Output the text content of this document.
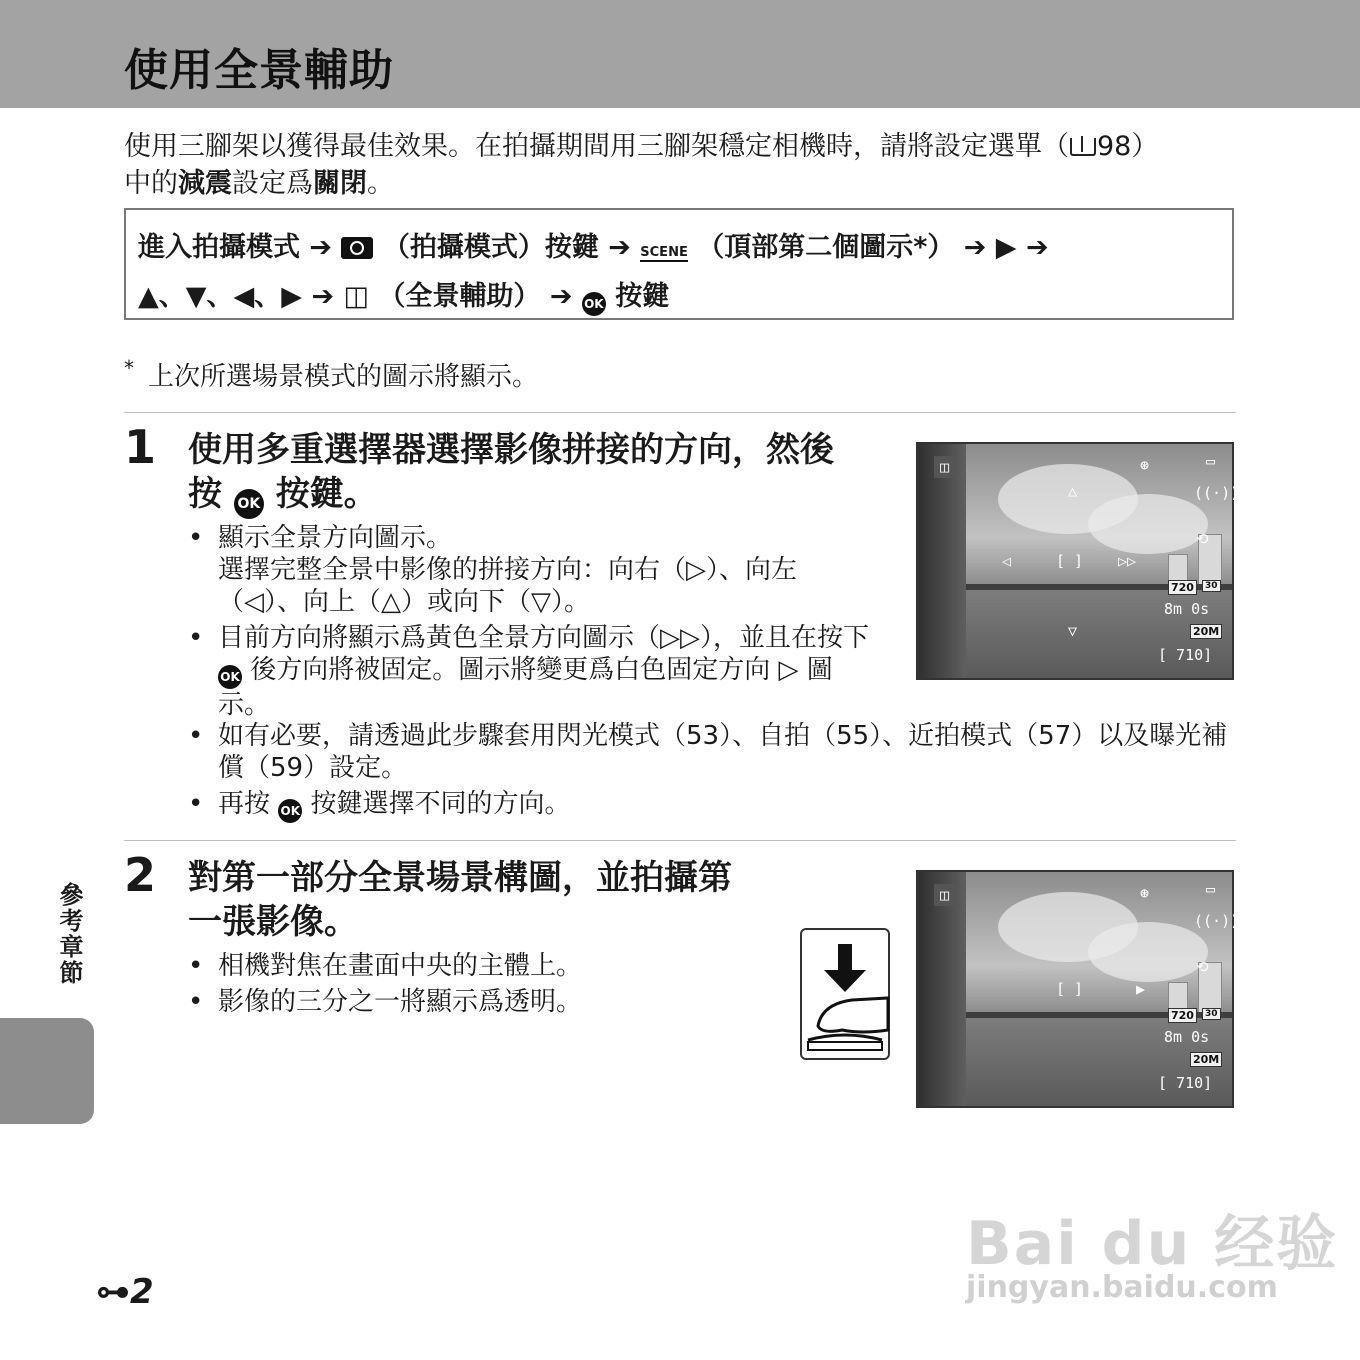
使用全景輔助
使用三腳架以獲得最佳效果。在拍攝期間用三腳架穩定相機時，請將設定選單（ 98）
中的減震設定爲關閉。
進入拍攝模式 ➔ （拍攝模式）按鍵 ➔ SCENE （頂部第二個圖示*） ➔ ▶ ➔
▲、▼、◀、▶ ➔ ◫ （全景輔助） ➔ OK 按鍵
* 上次所選場景模式的圖示將顯示。
1 使用多重選擇器選擇影像拼接的方向，然後
按 OK 按鍵。
• 顯示全景方向圖示。
選擇完整全景中影像的拼接方向：向右（▷）、向左（◁）、向上（△）或向下（▽）。
• 目前方向將顯示爲黃色全景方向圖示（▷▷），並且在按下 OK 後方向將被固定。圖示將變更爲白色固定方向 ▷ 圖示。
• 如有必要，請透過此步驟套用閃光模式（53）、自拍（55）、近拍模式（57）以及曝光補償（59）設定。
• 再按 OK 按鍵選擇不同的方向。
◫	⊛	▭
((·))
⟲
△
▽
◁	[ ] ▷▷
720	30
8m 0s
20M
[ 710]
2 對第一部分全景場景構圖，並拍攝第
一張影像。
• 相機對焦在畫面中央的主體上。
• 影像的三分之一將顯示爲透明。
◫	⊛	▭
((·))
⟲
[ ]	▶
720	30
8m 0s
20M
[ 710]
參考章節
⊶2
Bai du 经验
jingyan.baidu.com
